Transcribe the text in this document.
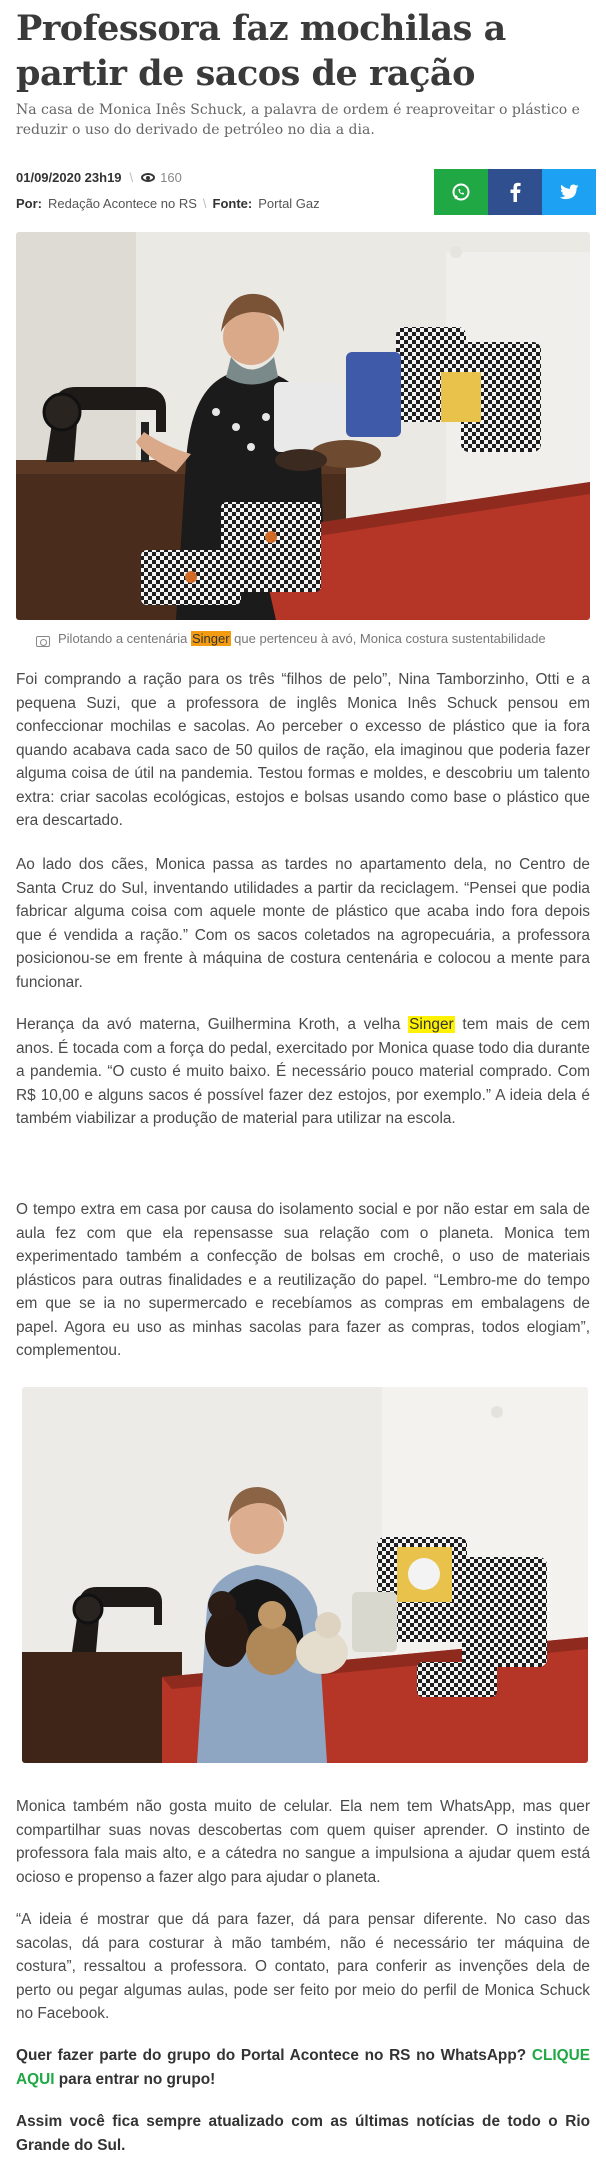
Professora faz mochilas a partir de sacos de ração

Na casa de Monica Inês Schuck, a palavra de ordem é reaproveitar o plástico e reduzir o uso do derivado de petróleo no dia a dia.

01/09/2020 23h19 \ 160
Por: Redação Acontece no RS \ Fonte: Portal Gaz
Pilotando a centenária Singer que pertenceu à avó, Monica costura sustentabilidade

Foi comprando a ração para os três “filhos de pelo”, Nina Tamborzinho, Otti e a pequena Suzi, que a professora de inglês Monica Inês Schuck pensou em confeccionar mochilas e sacolas. Ao perceber o excesso de plástico que ia fora quando acabava cada saco de 50 quilos de ração, ela imaginou que poderia fazer alguma coisa de útil na pandemia. Testou formas e moldes, e descobriu um talento extra: criar sacolas ecológicas, estojos e bolsas usando como base o plástico que era descartado.

Ao lado dos cães, Monica passa as tardes no apartamento dela, no Centro de Santa Cruz do Sul, inventando utilidades a partir da reciclagem. “Pensei que podia fabricar alguma coisa com aquele monte de plástico que acaba indo fora depois que é vendida a ração.” Com os sacos coletados na agropecuária, a professora posicionou-se em frente à máquina de costura centenária e colocou a mente para funcionar.

Herança da avó materna, Guilhermina Kroth, a velha Singer tem mais de cem anos. É tocada com a força do pedal, exercitado por Monica quase todo dia durante a pandemia. “O custo é muito baixo. É necessário pouco material comprado. Com R$ 10,00 e alguns sacos é possível fazer dez estojos, por exemplo.” A ideia dela é também viabilizar a produção de material para utilizar na escola.

O tempo extra em casa por causa do isolamento social e por não estar em sala de aula fez com que ela repensasse sua relação com o planeta. Monica tem experimentado também a confecção de bolsas em crochê, o uso de materiais plásticos para outras finalidades e a reutilização do papel. “Lembro-me do tempo em que se ia no supermercado e recebíamos as compras em embalagens de papel. Agora eu uso as minhas sacolas para fazer as compras, todos elogiam”, complementou.

Monica também não gosta muito de celular. Ela nem tem WhatsApp, mas quer compartilhar suas novas descobertas com quem quiser aprender. O instinto de professora fala mais alto, e a cátedra no sangue a impulsiona a ajudar quem está ocioso e propenso a fazer algo para ajudar o planeta.

“A ideia é mostrar que dá para fazer, dá para pensar diferente. No caso das sacolas, dá para costurar à mão também, não é necessário ter máquina de costura”, ressaltou a professora. O contato, para conferir as invenções dela de perto ou pegar algumas aulas, pode ser feito por meio do perfil de Monica Schuck no Facebook.

Quer fazer parte do grupo do Portal Acontece no RS no WhatsApp? CLIQUE AQUI para entrar no grupo!

Assim você fica sempre atualizado com as últimas notícias de todo o Rio Grande do Sul.
